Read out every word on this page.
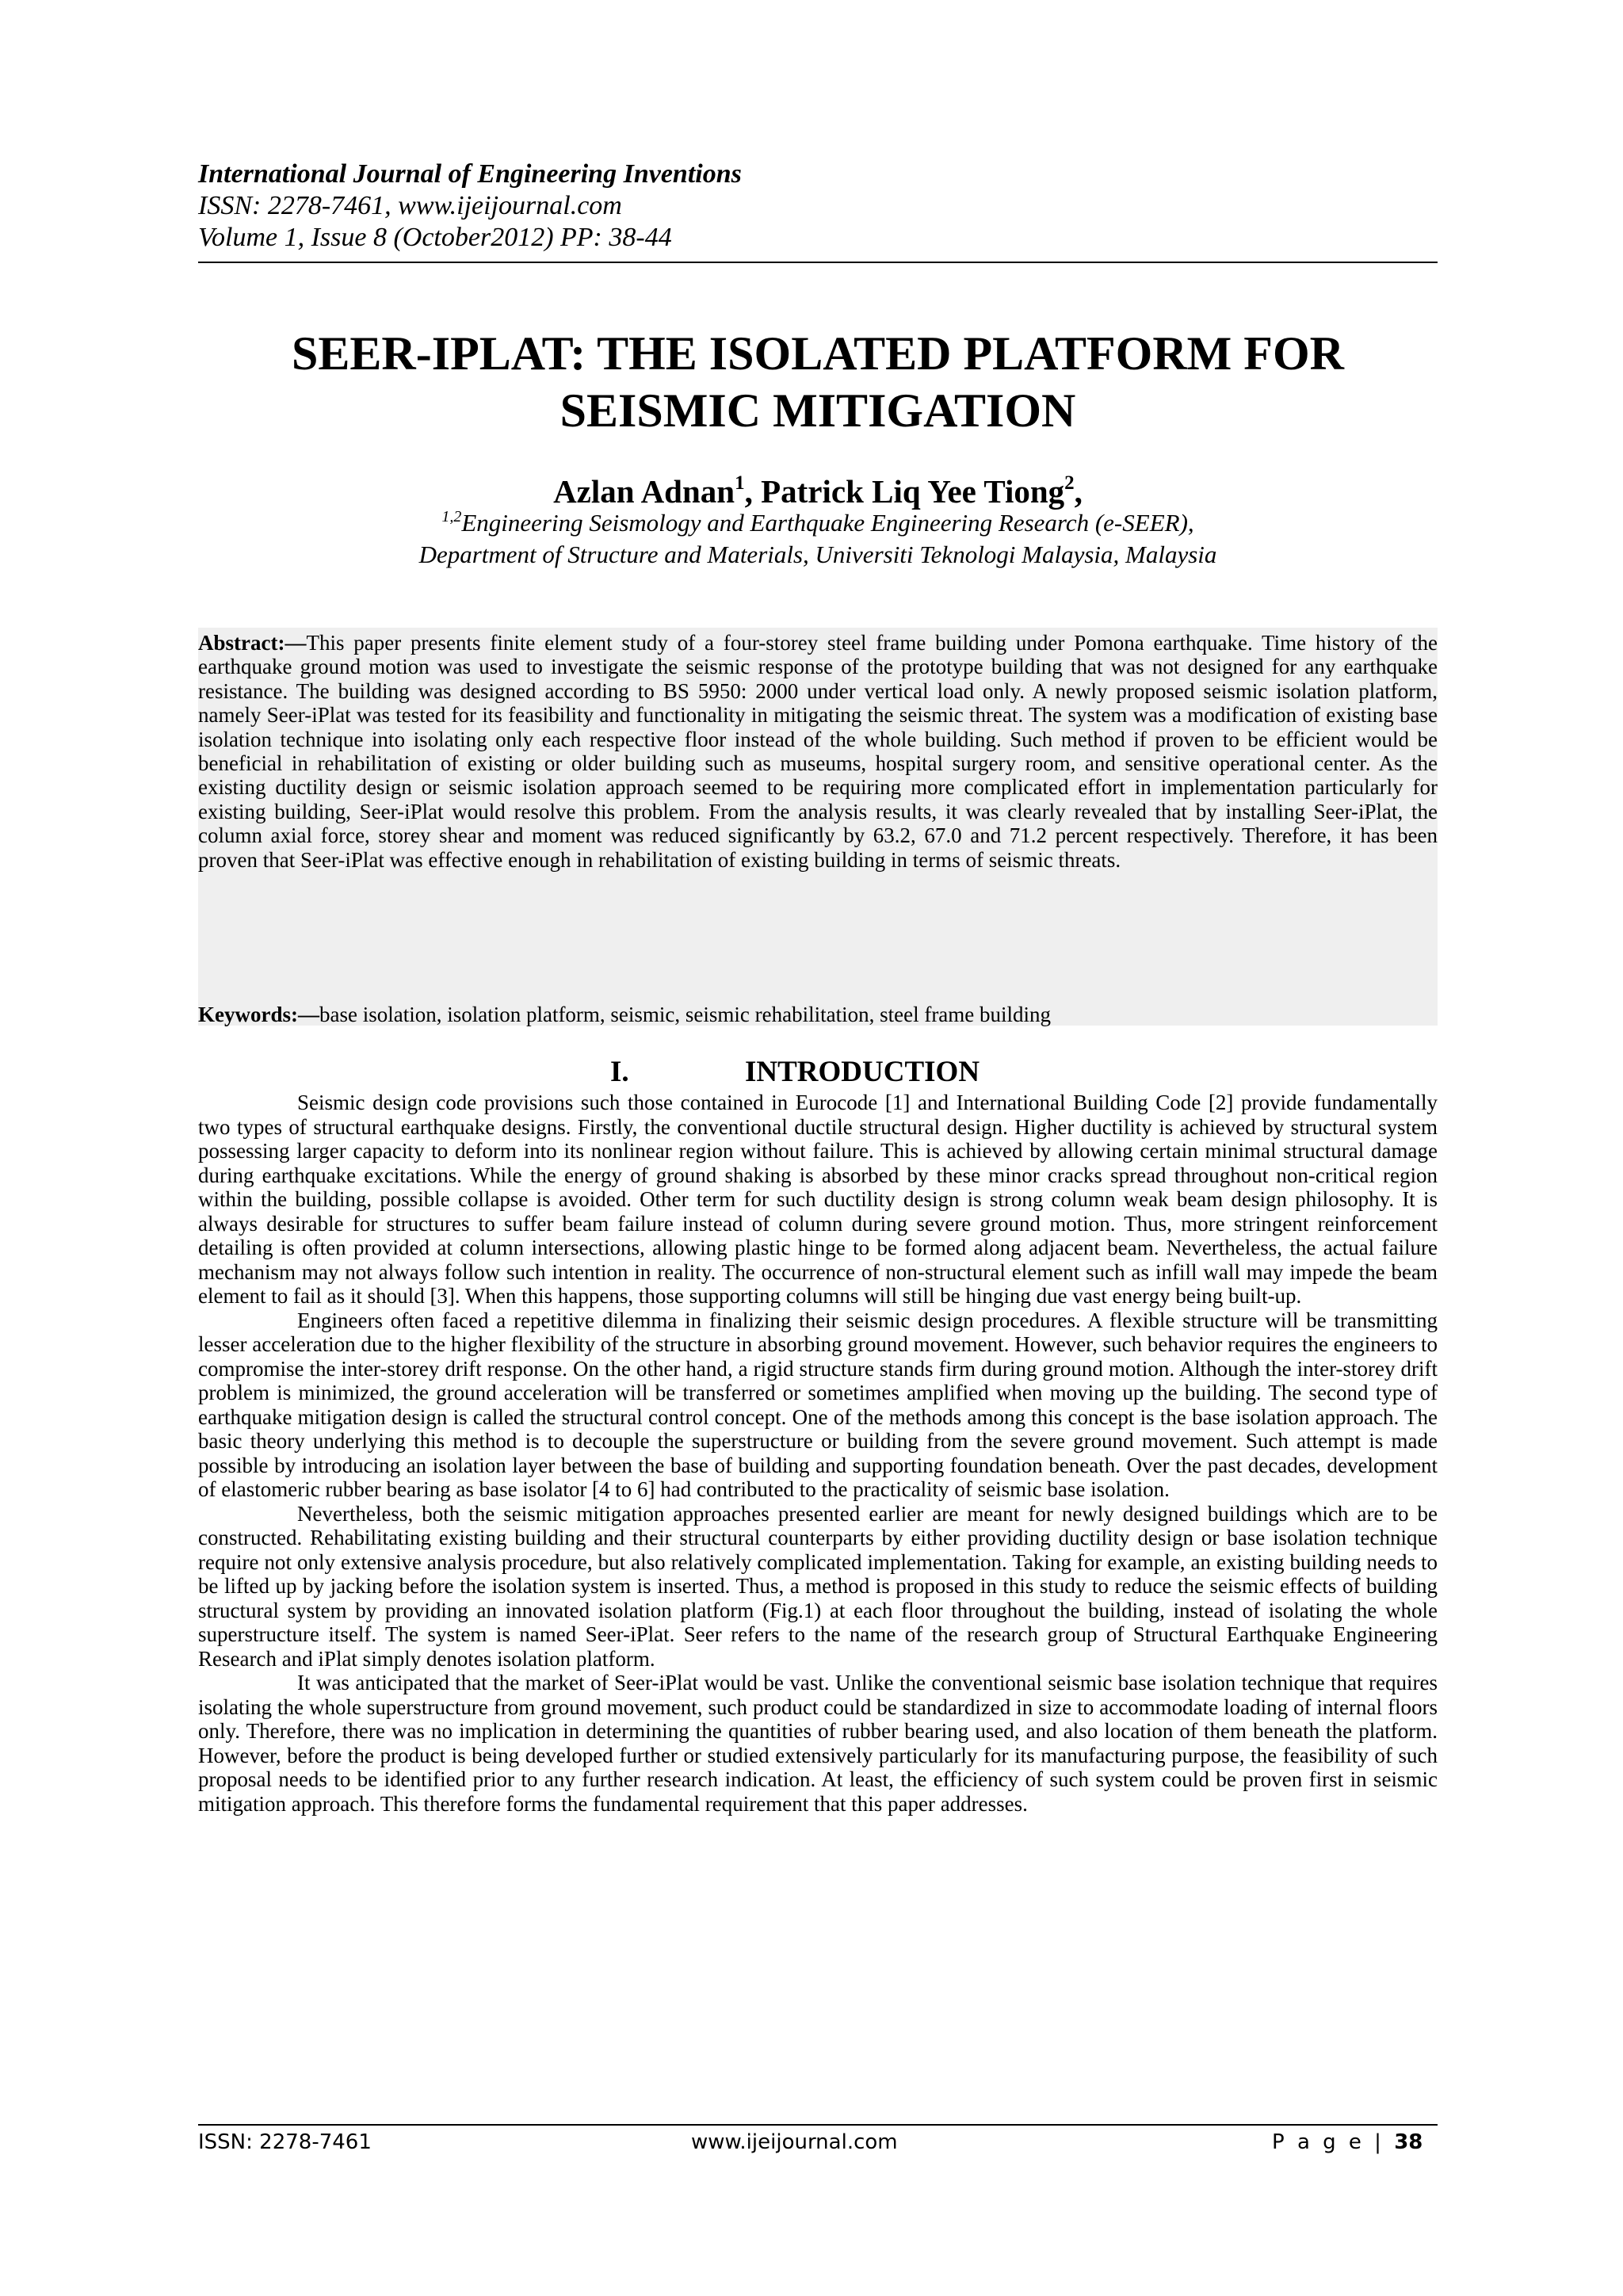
International Journal of Engineering Inventions
ISSN: 2278-7461, www.ijeijournal.com
Volume 1, Issue 8 (October2012) PP: 38-44
SEER-IPLAT: THE ISOLATED PLATFORM FOR
SEISMIC MITIGATION
Azlan Adnan$^1$, Patrick Liq Yee Tiong$^2$,
$^{1,2}$Engineering Seismology and Earthquake Engineering Research (e-SEER),
Department of Structure and Materials, Universiti Teknologi Malaysia, Malaysia
Abstract:—This paper presents finite element study of a four-storey steel frame building under Pomona earthquake. Time history of the earthquake ground motion was used to investigate the seismic response of the prototype building that was not designed for any earthquake resistance. The building was designed according to BS 5950: 2000 under vertical load only. A newly proposed seismic isolation platform, namely Seer-iPlat was tested for its feasibility and functionality in mitigating the seismic threat. The system was a modification of existing base isolation technique into isolating only each respective floor instead of the whole building. Such method if proven to be efficient would be beneficial in rehabilitation of existing or older building such as museums, hospital surgery room, and sensitive operational center. As the existing ductility design or seismic isolation approach seemed to be requiring more complicated effort in implementation particularly for existing building, Seer-iPlat would resolve this problem. From the analysis results, it was clearly revealed that by installing Seer-iPlat, the column axial force, storey shear and moment was reduced significantly by 63.2, 67.0 and 71.2 percent respectively. Therefore, it has been proven that Seer-iPlat was effective enough in rehabilitation of existing building in terms of seismic threats.
Keywords:—base isolation, isolation platform, seismic, seismic rehabilitation, steel frame building
I.	INTRODUCTION

Seismic design code provisions such those contained in Eurocode [1] and International Building Code [2] provide fundamentally two types of structural earthquake designs. Firstly, the conventional ductile structural design. Higher ductility is achieved by structural system possessing larger capacity to deform into its nonlinear region without failure. This is achieved by allowing certain minimal structural damage during earthquake excitations. While the energy of ground shaking is absorbed by these minor cracks spread throughout non-critical region within the building, possible collapse is avoided. Other term for such ductility design is strong column weak beam design philosophy. It is always desirable for structures to suffer beam failure instead of column during severe ground motion. Thus, more stringent reinforcement detailing is often provided at column intersections, allowing plastic hinge to be formed along adjacent beam. Nevertheless, the actual failure mechanism may not always follow such intention in reality. The occurrence of non-structural element such as infill wall may impede the beam element to fail as it should [3]. When this happens, those supporting columns will still be hinging due vast energy being built-up.

Engineers often faced a repetitive dilemma in finalizing their seismic design procedures. A flexible structure will be transmitting lesser acceleration due to the higher flexibility of the structure in absorbing ground movement. However, such behavior requires the engineers to compromise the inter-storey drift response. On the other hand, a rigid structure stands firm during ground motion. Although the inter-storey drift problem is minimized, the ground acceleration will be transferred or sometimes amplified when moving up the building. The second type of earthquake mitigation design is called the structural control concept. One of the methods among this concept is the base isolation approach. The basic theory underlying this method is to decouple the superstructure or building from the severe ground movement. Such attempt is made possible by introducing an isolation layer between the base of building and supporting foundation beneath. Over the past decades, development of elastomeric rubber bearing as base isolator [4 to 6] had contributed to the practicality of seismic base isolation.

Nevertheless, both the seismic mitigation approaches presented earlier are meant for newly designed buildings which are to be constructed. Rehabilitating existing building and their structural counterparts by either providing ductility design or base isolation technique require not only extensive analysis procedure, but also relatively complicated implementation. Taking for example, an existing building needs to be lifted up by jacking before the isolation system is inserted. Thus, a method is proposed in this study to reduce the seismic effects of building structural system by providing an innovated isolation platform (Fig.1) at each floor throughout the building, instead of isolating the whole superstructure itself. The system is named Seer-iPlat. Seer refers to the name of the research group of Structural Earthquake Engineering Research and iPlat simply denotes isolation platform.

It was anticipated that the market of Seer-iPlat would be vast. Unlike the conventional seismic base isolation technique that requires isolating the whole superstructure from ground movement, such product could be standardized in size to accommodate loading of internal floors only. Therefore, there was no implication in determining the quantities of rubber bearing used, and also location of them beneath the platform. However, before the product is being developed further or studied extensively particularly for its manufacturing purpose, the feasibility of such proposal needs to be identified prior to any further research indication. At least, the efficiency of such system could be proven first in seismic mitigation approach. This therefore forms the fundamental requirement that this paper addresses.

ISSN: 2278-7461	www.ijeijournal.com	P a g e | 38
